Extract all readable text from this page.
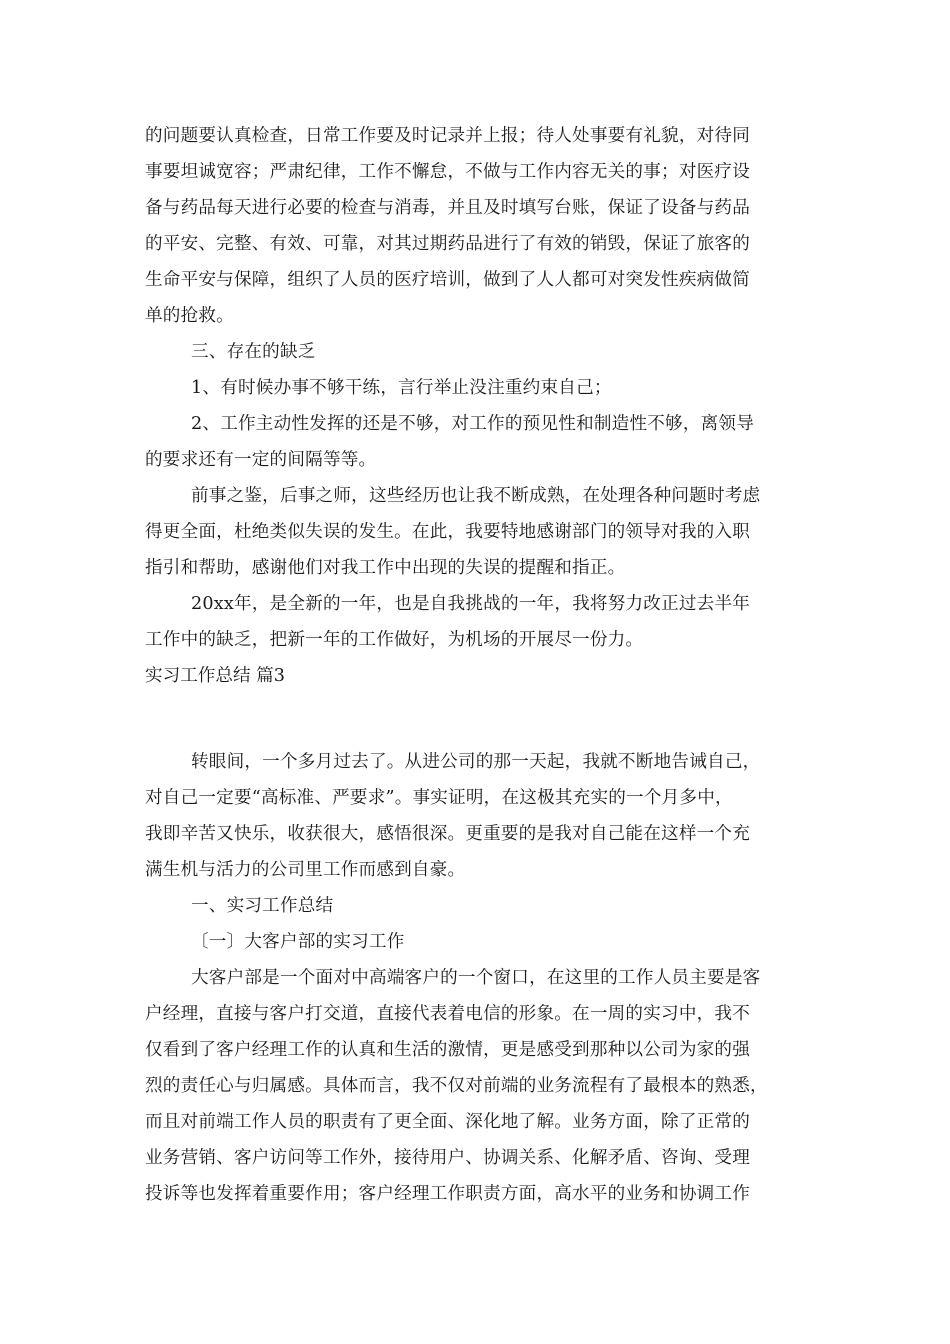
的问题要认真检查，日常工作要及时记录并上报；待人处事要有礼貌，对待同
事要坦诚宽容；严肃纪律，工作不懈怠，不做与工作内容无关的事；对医疗设
备与药品每天进行必要的检查与消毒，并且及时填写台账，保证了设备与药品
的平安、完整、有效、可靠，对其过期药品进行了有效的销毁，保证了旅客的
生命平安与保障，组织了人员的医疗培训，做到了人人都可对突发性疾病做简
单的抢救。
三、存在的缺乏
1、有时候办事不够干练，言行举止没注重约束自己；
2、工作主动性发挥的还是不够，对工作的预见性和制造性不够，离领导
的要求还有一定的间隔等等。
前事之鉴，后事之师，这些经历也让我不断成熟，在处理各种问题时考虑
得更全面，杜绝类似失误的发生。在此，我要特地感谢部门的领导对我的入职
指引和帮助，感谢他们对我工作中出现的失误的提醒和指正。
20xx年，是全新的一年，也是自我挑战的一年，我将努力改正过去半年
工作中的缺乏，把新一年的工作做好，为机场的开展尽一份力。
实习工作总结 篇3
转眼间，一个多月过去了。从进公司的那一天起，我就不断地告诫自己，
对自己一定要“高标准、严要求”。事实证明，在这极其充实的一个月多中，
我即辛苦又快乐，收获很大，感悟很深。更重要的是我对自己能在这样一个充
满生机与活力的公司里工作而感到自豪。
一、实习工作总结
〔一〕大客户部的实习工作
大客户部是一个面对中高端客户的一个窗口，在这里的工作人员主要是客
户经理，直接与客户打交道，直接代表着电信的形象。在一周的实习中，我不
仅看到了客户经理工作的认真和生活的激情，更是感受到那种以公司为家的强
烈的责任心与归属感。具体而言，我不仅对前端的业务流程有了最根本的熟悉，
而且对前端工作人员的职责有了更全面、深化地了解。业务方面，除了正常的
业务营销、客户访问等工作外，接待用户、协调关系、化解矛盾、咨询、受理
投诉等也发挥着重要作用；客户经理工作职责方面，高水平的业务和协调工作
